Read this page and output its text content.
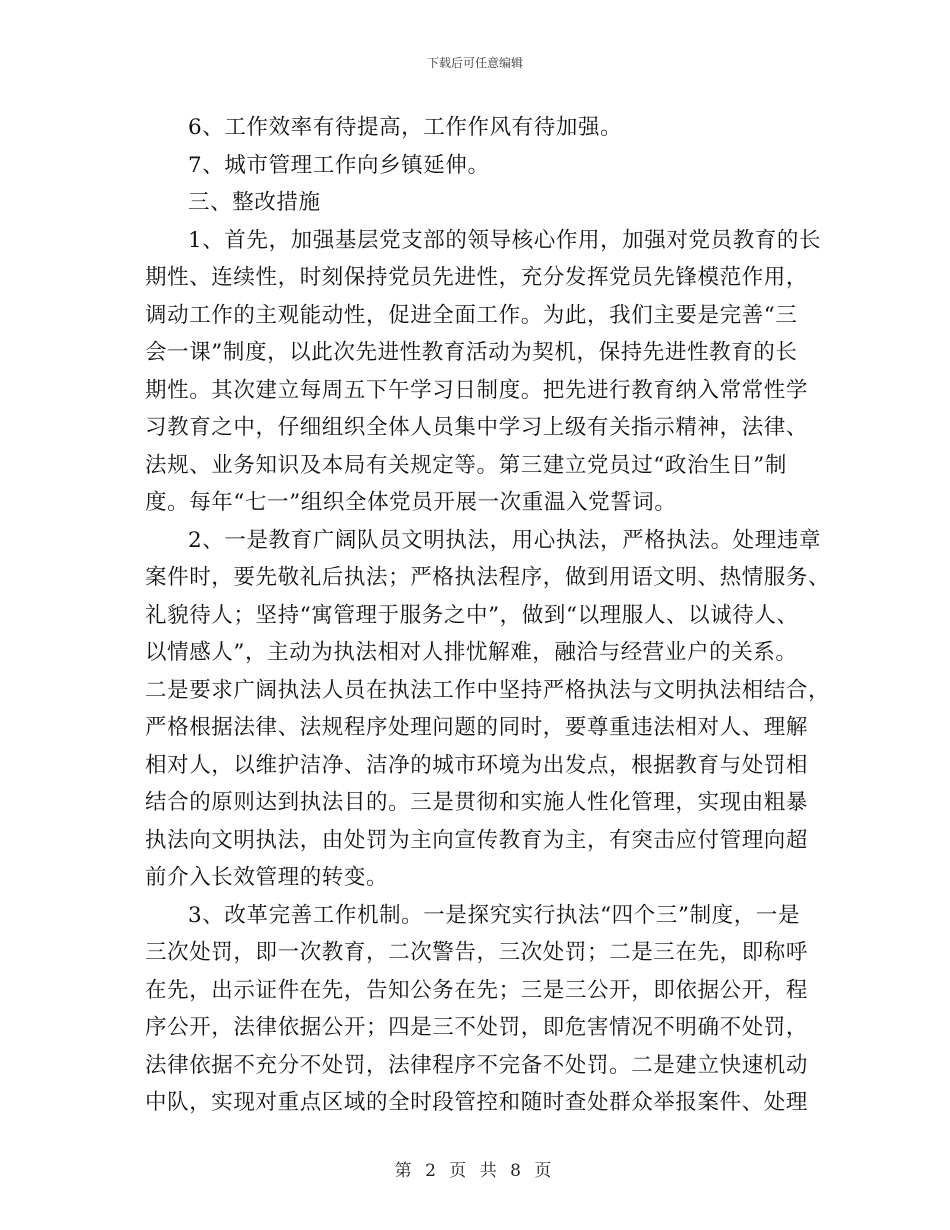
下载后可任意编辑
6、工作效率有待提高，工作作风有待加强。
7、城市管理工作向乡镇延伸。
三、整改措施
1、首先，加强基层党支部的领导核心作用，加强对党员教育的长
期性、连续性，时刻保持党员先进性，充分发挥党员先锋模范作用，
调动工作的主观能动性，促进全面工作。为此，我们主要是完善“三
会一课”制度，以此次先进性教育活动为契机，保持先进性教育的长
期性。其次建立每周五下午学习日制度。把先进行教育纳入常常性学
习教育之中，仔细组织全体人员集中学习上级有关指示精神，法律、
法规、业务知识及本局有关规定等。第三建立党员过“政治生日”制
度。每年“七一”组织全体党员开展一次重温入党誓词。
2、一是教育广阔队员文明执法，用心执法，严格执法。处理违章
案件时，要先敬礼后执法；严格执法程序，做到用语文明、热情服务、
礼貌待人；坚持“寓管理于服务之中”，做到“以理服人、以诚待人、
以情感人”，主动为执法相对人排忧解难，融洽与经营业户的关系。
二是要求广阔执法人员在执法工作中坚持严格执法与文明执法相结合，
严格根据法律、法规程序处理问题的同时，要尊重违法相对人、理解
相对人，以维护洁净、洁净的城市环境为出发点，根据教育与处罚相
结合的原则达到执法目的。三是贯彻和实施人性化管理，实现由粗暴
执法向文明执法，由处罚为主向宣传教育为主，有突击应付管理向超
前介入长效管理的转变。
3、改革完善工作机制。一是探究实行执法“四个三”制度，一是
三次处罚，即一次教育，二次警告，三次处罚；二是三在先，即称呼
在先，出示证件在先，告知公务在先；三是三公开，即依据公开，程
序公开，法律依据公开；四是三不处罚，即危害情况不明确不处罚，
法律依据不充分不处罚，法律程序不完备不处罚。二是建立快速机动
中队，实现对重点区域的全时段管控和随时查处群众举报案件、处理
第 2 页 共 8 页
